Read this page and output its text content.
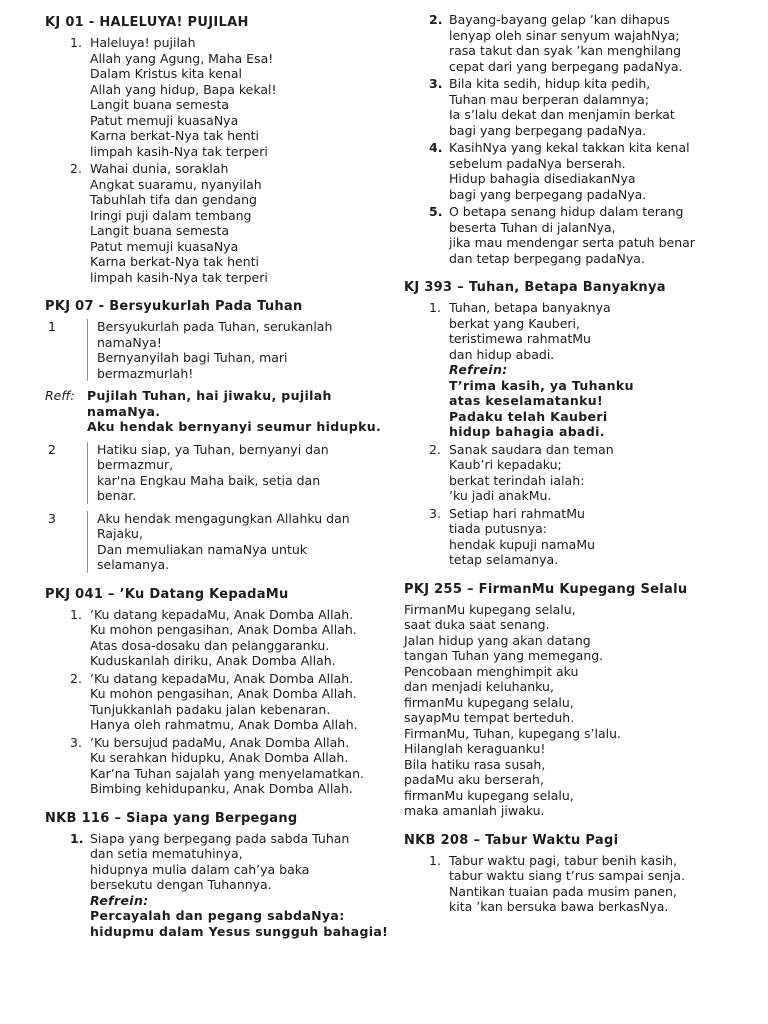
KJ 01 - HALELUYA! PUJILAH
1. Haleluya! pujilah
Allah yang Agung, Maha Esa!
Dalam Kristus kita kenal
Allah yang hidup, Bapa kekal!
Langit buana semesta
Patut memuji kuasaNya
Karna berkat-Nya tak henti
limpah kasih-Nya tak terperi
2. Wahai dunia, soraklah
Angkat suaramu, nyanyilah
Tabuhlah tifa dan gendang
Iringi puji dalam tembang
Langit buana semesta
Patut memuji kuasaNya
Karna berkat-Nya tak henti
limpah kasih-Nya tak terperi
PKJ 07 - Bersyukurlah Pada Tuhan
1	Bersyukurlah pada Tuhan, serukanlah
namaNya!
Bernyanyilah bagi Tuhan, mari
bermazmurlah!
Reff: Pujilah Tuhan, hai jiwaku, pujilah
namaNya.
Aku hendak bernyanyi seumur hidupku.
2	Hatiku siap, ya Tuhan, bernyanyi dan
bermazmur,
kar'na Engkau Maha baik, setia dan
benar.
3	Aku hendak mengagungkan Allahku dan
Rajaku,
Dan memuliakan namaNya untuk
selamanya.
PKJ 041 – ’Ku Datang KepadaMu
1. ’Ku datang kepadaMu, Anak Domba Allah.
Ku mohon pengasihan, Anak Domba Allah.
Atas dosa-dosaku dan pelanggaranku.
Kuduskanlah diriku, Anak Domba Allah.
2. ’Ku datang kepadaMu, Anak Domba Allah.
Ku mohon pengasihan, Anak Domba Allah.
Tunjukkanlah padaku jalan kebenaran.
Hanya oleh rahmatmu, Anak Domba Allah.
3. ’Ku bersujud padaMu, Anak Domba Allah.
Ku serahkan hidupku, Anak Domba Allah.
Kar’na Tuhan sajalah yang menyelamatkan.
Bimbing kehidupanku, Anak Domba Allah.
NKB 116 – Siapa yang Berpegang
1. Siapa yang berpegang pada sabda Tuhan
dan setia mematuhinya,
hidupnya mulia dalam cah’ya baka
bersekutu dengan Tuhannya.
Refrein:
Percayalah dan pegang sabdaNya:
hidupmu dalam Yesus sungguh bahagia!
2. Bayang-bayang gelap ’kan dihapus
lenyap oleh sinar senyum wajahNya;
rasa takut dan syak ’kan menghilang
cepat dari yang berpegang padaNya.
3. Bila kita sedih, hidup kita pedih,
Tuhan mau berperan dalamnya;
Ia s’lalu dekat dan menjamin berkat
bagi yang berpegang padaNya.
4. KasihNya yang kekal takkan kita kenal
sebelum padaNya berserah.
Hidup bahagia disediakanNya
bagi yang berpegang padaNya.
5. O betapa senang hidup dalam terang
beserta Tuhan di jalanNya,
jika mau mendengar serta patuh benar
dan tetap berpegang padaNya.
KJ 393 – Tuhan, Betapa Banyaknya
1. Tuhan, betapa banyaknya
berkat yang Kauberi,
teristimewa rahmatMu
dan hidup abadi.
Refrein:
T’rima kasih, ya Tuhanku
atas keselamatanku!
Padaku telah Kauberi
hidup bahagia abadi.
2. Sanak saudara dan teman
Kaub’ri kepadaku;
berkat terindah ialah:
’ku jadi anakMu.
3. Setiap hari rahmatMu
tiada putusnya:
hendak kupuji namaMu
tetap selamanya.
PKJ 255 – FirmanMu Kupegang Selalu
FirmanMu kupegang selalu,
saat duka saat senang.
Jalan hidup yang akan datang
tangan Tuhan yang memegang.
Pencobaan menghimpit aku
dan menjadi keluhanku,
firmanMu kupegang selalu,
sayapMu tempat berteduh.
FirmanMu, Tuhan, kupegang s’lalu.
Hilanglah keraguanku!
Bila hatiku rasa susah,
padaMu aku berserah,
firmanMu kupegang selalu,
maka amanlah jiwaku.
NKB 208 – Tabur Waktu Pagi
1. Tabur waktu pagi, tabur benih kasih,
tabur waktu siang t’rus sampai senja.
Nantikan tuaian pada musim panen,
kita ’kan bersuka bawa berkasNya.
